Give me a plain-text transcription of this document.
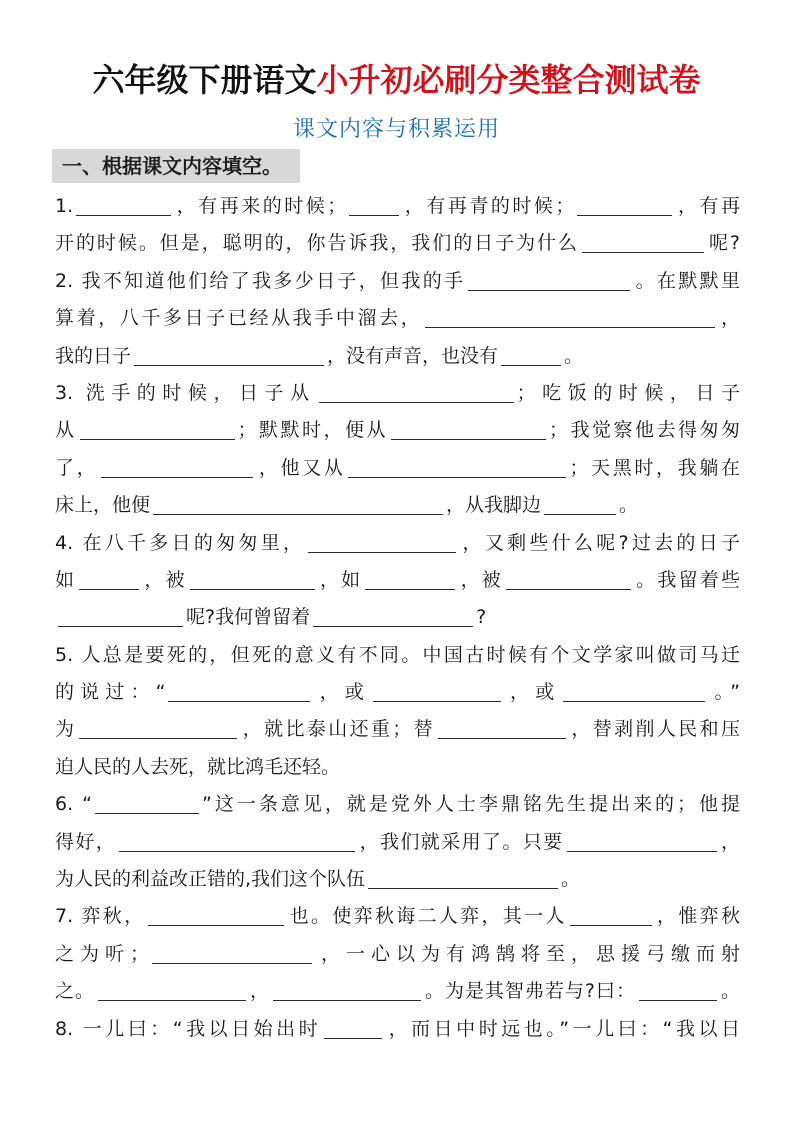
六年级下册语文小升初必刷分类整合测试卷
课文内容与积累运用
一、根据课文内容填空。
1.	，有再来的时候；	，有再青的时候；	，有再
开的时候。但是，聪明的，你告诉我，我们的日子为什么	呢?
2. 我不知道他们给了我多少日子，但我的手	。在默默里
算着，八千多日子已经从我手中溜去，	，
我的日子	，没有声音，也没有	。
3. 洗手的时候，日子从	；吃饭的时候，日子
从	；默默时，便从	；我觉察他去得匆匆
了，	，他又从	；天黑时，我躺在
床上，他便	，从我脚边	。
4. 在八千多日的匆匆里，	，又剩些什么呢?过去的日子
如	，被	，如	，被	。我留着些
呢?我何曾留着	?
5. 人总是要死的，但死的意义有不同。中国古时候有个文学家叫做司马迁
的说过：“	，或	，或	。”
为	，就比泰山还重；替	，替剥削人民和压
迫人民的人去死，就比鸿毛还轻。
6. “	”这一条意见，就是党外人士李鼎铭先生提出来的；他提
得好，	，我们就采用了。只要	，
为人民的利益改正错的,我们这个队伍	。
7. 弈秋，	也。使弈秋诲二人弈，其一人	，惟弈秋
之为听；	，一心以为有鸿鹄将至，思援弓缴而射
之。	，	。为是其智弗若与?曰：	。
8. 一儿曰：“我以日始出时	，而日中时远也。”一儿曰：“我以日
